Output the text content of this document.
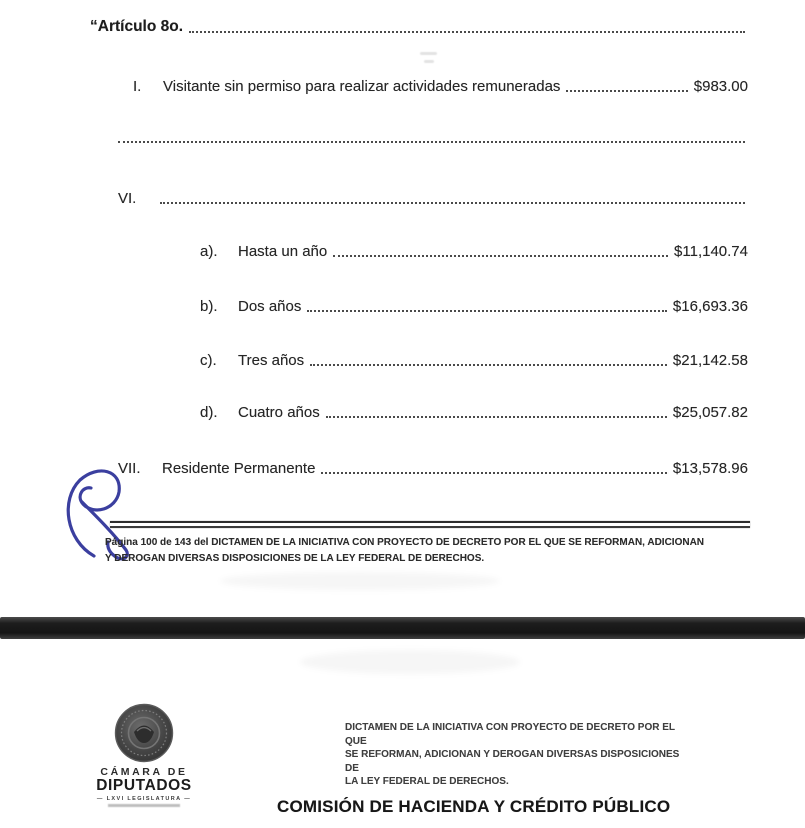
“Artículo 8o.
I.	Visitante sin permiso para realizar actividades remuneradas	$983.00
VI.
a).	Hasta un año	$11,140.74
b).	Dos años	$16,693.36
c).	Tres años	$21,142.58
d).	Cuatro años	$25,057.82
VII.	Residente Permanente	$13,578.96
Página 100 de 143 del DICTAMEN DE LA INICIATIVA CON PROYECTO DE DECRETO POR EL QUE SE REFORMAN, ADICIONAN Y DEROGAN DIVERSAS DISPOSICIONES DE LA LEY FEDERAL DE DERECHOS.
CÁMARA DE
DIPUTADOS
— LXVI LEGISLATURA —
DICTAMEN DE LA INICIATIVA CON PROYECTO DE DECRETO POR EL QUE
SE REFORMAN, ADICIONAN Y DEROGAN DIVERSAS DISPOSICIONES DE
LA LEY FEDERAL DE DERECHOS.
COMISIÓN DE HACIENDA Y CRÉDITO PÚBLICO
